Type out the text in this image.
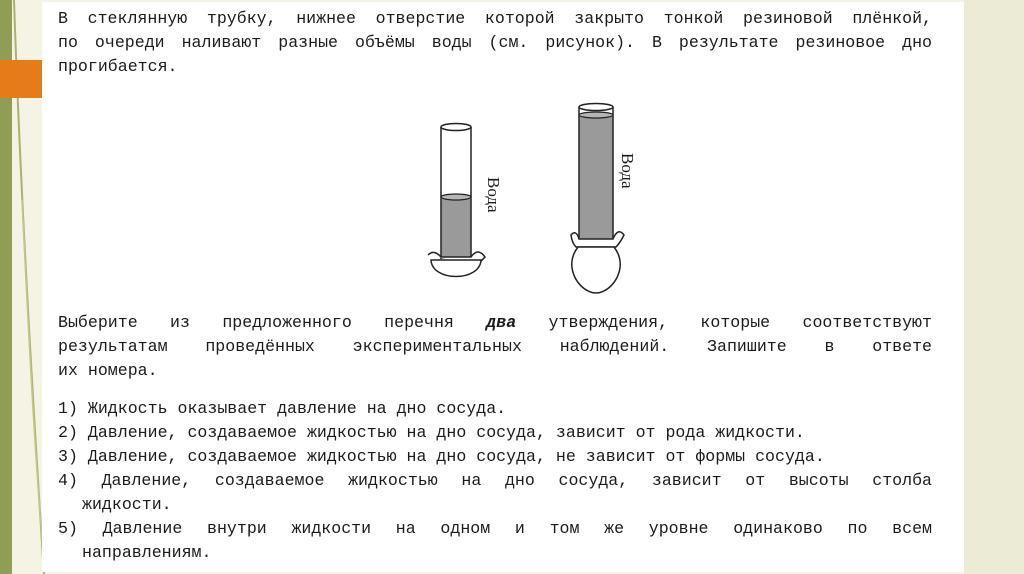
В стеклянную трубку, нижнее отверстие которой закрыто тонкой резиновой плёнкой,
по очереди наливают разные объёмы воды (см. рисунок). В результате резиновое дно
прогибается.
Вода
Вода
Выберите из предложенного перечня два утверждения, которые соответствуют
результатам проведённых экспериментальных наблюдений. Запишите в ответе
их номера.
1) Жидкость оказывает давление на дно сосуда.
2) Давление, создаваемое жидкостью на дно сосуда, зависит от рода жидкости.
3) Давление, создаваемое жидкостью на дно сосуда, не зависит от формы сосуда.
4) Давление, создаваемое жидкостью на дно сосуда, зависит от высоты столба
жидкости.
5) Давление внутри жидкости на одном и том же уровне одинаково по всем
направлениям.
